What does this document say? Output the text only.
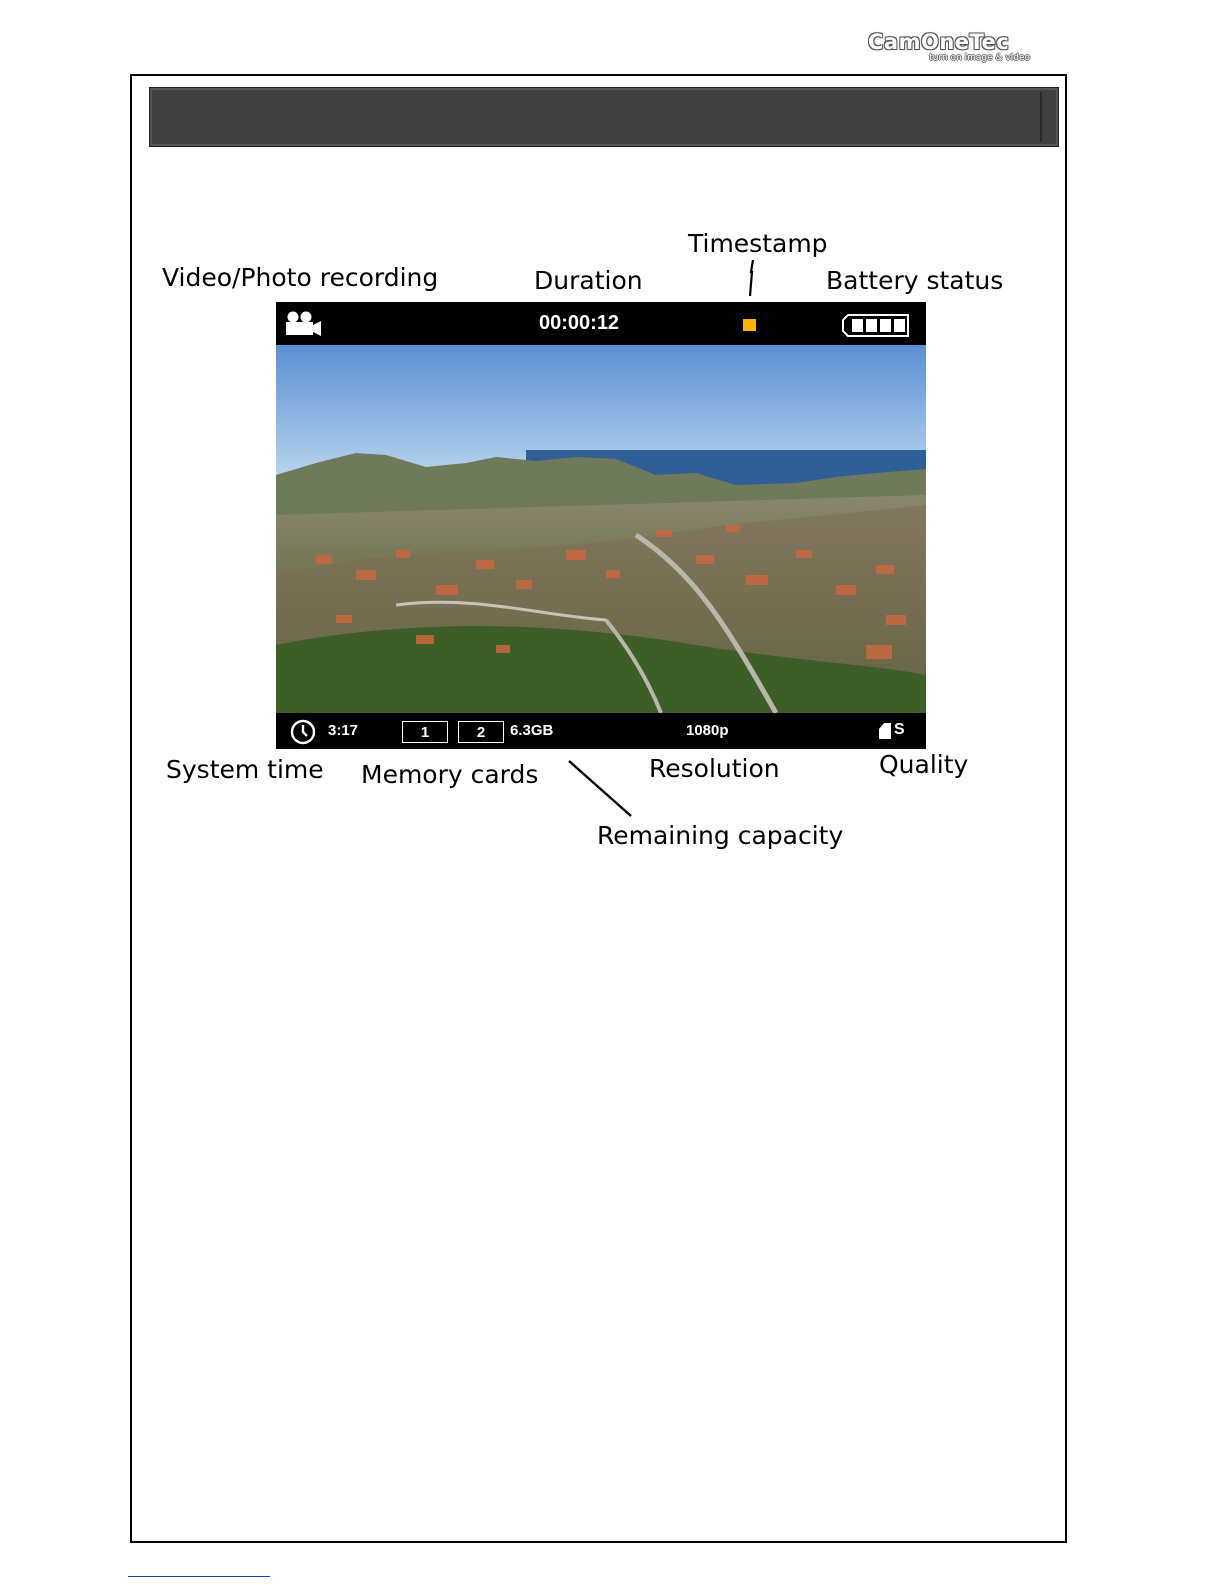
CamOneTec
turn on image & video
Video/Photo recording	Duration
Timestamp
Battery status
00:00:12
3:17	1	2	6.3GB	1080p	S
System time Memory cards	Resolution	Quality
Remaining capacity
